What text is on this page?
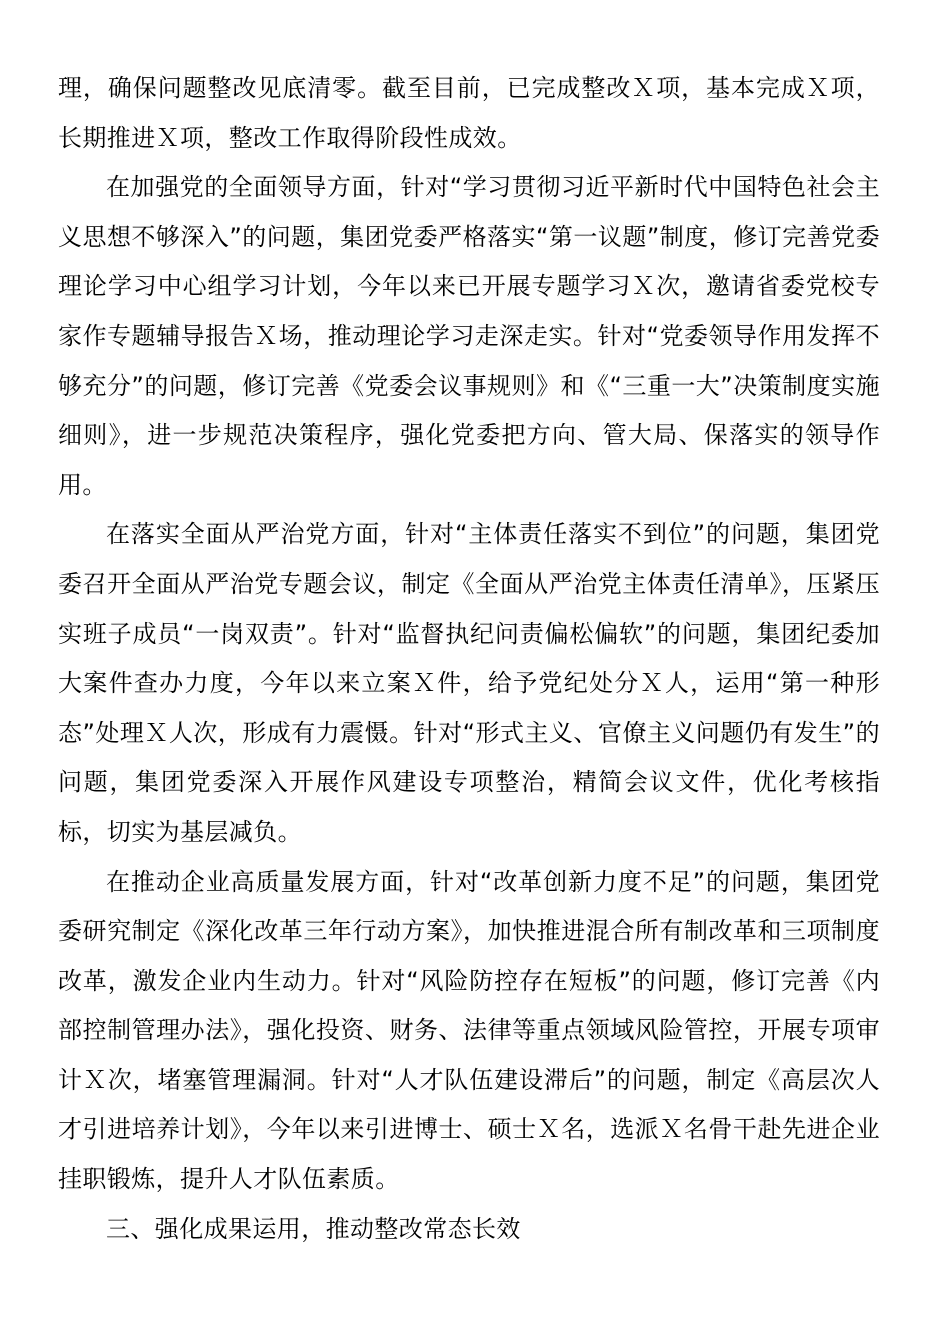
理，确保问题整改见底清零。截至目前，已完成整改Ｘ项，基本完成Ｘ项，长期推进Ｘ项，整改工作取得阶段性成效。

在加强党的全面领导方面，针对“学习贯彻习近平新时代中国特色社会主义思想不够深入”的问题，集团党委严格落实“第一议题”制度，修订完善党委理论学习中心组学习计划，今年以来已开展专题学习Ｘ次，邀请省委党校专家作专题辅导报告Ｘ场，推动理论学习走深走实。针对“党委领导作用发挥不够充分”的问题，修订完善《党委会议事规则》和《“三重一大”决策制度实施细则》，进一步规范决策程序，强化党委把方向、管大局、保落实的领导作用。

在落实全面从严治党方面，针对“主体责任落实不到位”的问题，集团党委召开全面从严治党专题会议，制定《全面从严治党主体责任清单》，压紧压实班子成员“一岗双责”。针对“监督执纪问责偏松偏软”的问题，集团纪委加大案件查办力度，今年以来立案Ｘ件，给予党纪处分Ｘ人，运用“第一种形态”处理Ｘ人次，形成有力震慑。针对“形式主义、官僚主义问题仍有发生”的问题，集团党委深入开展作风建设专项整治，精简会议文件，优化考核指标，切实为基层减负。

在推动企业高质量发展方面，针对“改革创新力度不足”的问题，集团党委研究制定《深化改革三年行动方案》，加快推进混合所有制改革和三项制度改革，激发企业内生动力。针对“风险防控存在短板”的问题，修订完善《内部控制管理办法》，强化投资、财务、法律等重点领域风险管控，开展专项审计Ｘ次，堵塞管理漏洞。针对“人才队伍建设滞后”的问题，制定《高层次人才引进培养计划》，今年以来引进博士、硕士Ｘ名，选派Ｘ名骨干赴先进企业挂职锻炼，提升人才队伍素质。

三、强化成果运用，推动整改常态长效
